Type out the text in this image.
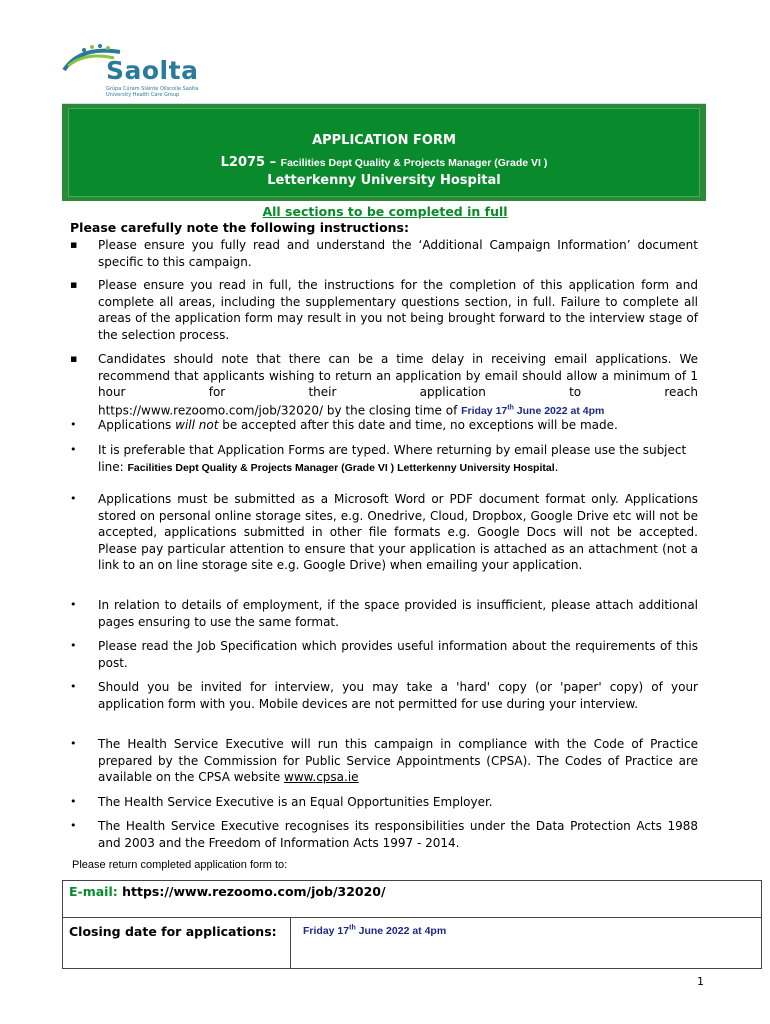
Saolta
Grúpa Cúram Sláinte Ollscoile Saolta University Health Care Group
APPLICATION FORM
L2075 – Facilities Dept Quality & Projects Manager (Grade VI )
Letterkenny University Hospital
All sections to be completed in full
Please carefully note the following instructions:
▪ Please ensure you fully read and understand the ‘Additional Campaign Information’ document specific to this campaign.
▪ Please ensure you read in full, the instructions for the completion of this application form and complete all areas, including the supplementary questions section, in full. Failure to complete all areas of the application form may result in you not being brought forward to the interview stage of the selection process.
▪ Candidates should note that there can be a time delay in receiving email applications. We recommend that applicants wishing to return an application by email should allow a minimum of 1 hour for their application to reach
https://www.rezoomo.com/job/32020/ by the closing time of Friday 17th June 2022 at 4pm
• Applications will not be accepted after this date and time, no exceptions will be made.
• It is preferable that Application Forms are typed. Where returning by email please use the subject line: Facilities Dept Quality & Projects Manager (Grade VI ) Letterkenny University Hospital.
• Applications must be submitted as a Microsoft Word or PDF document format only. Applications stored on personal online storage sites, e.g. Onedrive, Cloud, Dropbox, Google Drive etc will not be accepted, applications submitted in other file formats e.g. Google Docs will not be accepted. Please pay particular attention to ensure that your application is attached as an attachment (not a link to an on line storage site e.g. Google Drive) when emailing your application.
• In relation to details of employment, if the space provided is insufficient, please attach additional pages ensuring to use the same format.
• Please read the Job Specification which provides useful information about the requirements of this post.
• Should you be invited for interview, you may take a 'hard' copy (or 'paper' copy) of your application form with you. Mobile devices are not permitted for use during your interview.
• The Health Service Executive will run this campaign in compliance with the Code of Practice prepared by the Commission for Public Service Appointments (CPSA). The Codes of Practice are available on the CPSA website www.cpsa.ie
• The Health Service Executive is an Equal Opportunities Employer.
• The Health Service Executive recognises its responsibilities under the Data Protection Acts 1988 and 2003 and the Freedom of Information Acts 1997 - 2014.
Please return completed application form to:
E-mail: https://www.rezoomo.com/job/32020/
Closing date for applications:	Friday 17th June 2022 at 4pm
1
